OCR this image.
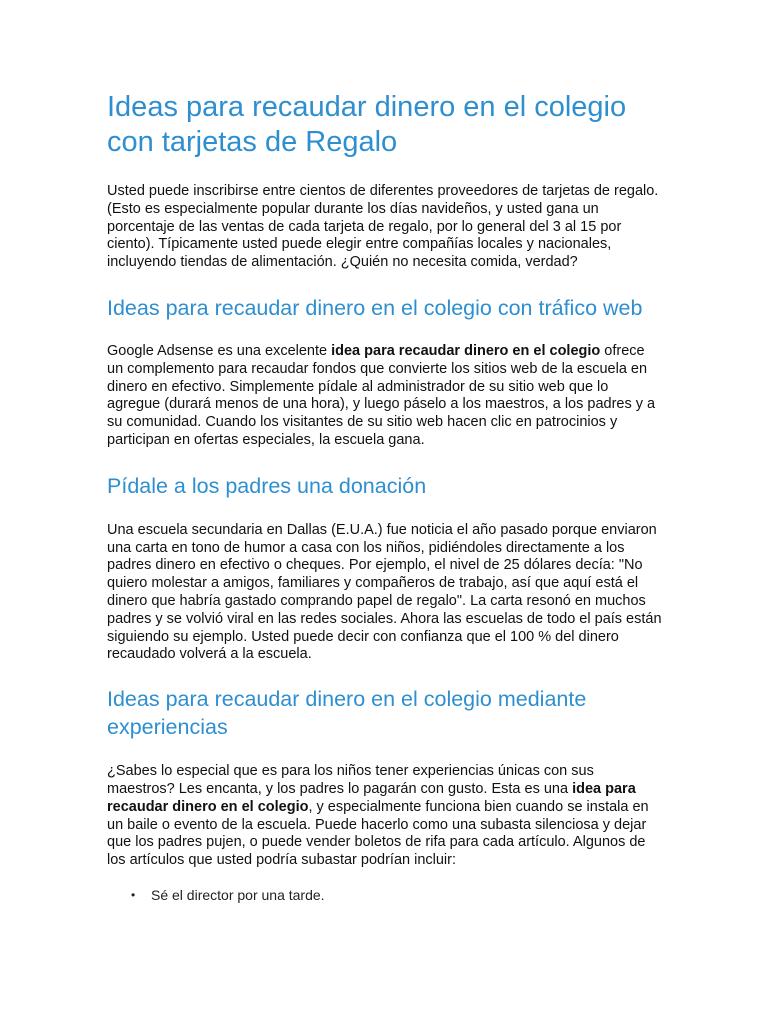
Ideas para recaudar dinero en el colegio con tarjetas de Regalo

Usted puede inscribirse entre cientos de diferentes proveedores de tarjetas de regalo. (Esto es especialmente popular durante los días navideños, y usted gana un porcentaje de las ventas de cada tarjeta de regalo, por lo general del 3 al 15 por ciento). Típicamente usted puede elegir entre compañías locales y nacionales, incluyendo tiendas de alimentación. ¿Quién no necesita comida, verdad?

Ideas para recaudar dinero en el colegio con tráfico web

Google Adsense es una excelente idea para recaudar dinero en el colegio ofrece un complemento para recaudar fondos que convierte los sitios web de la escuela en dinero en efectivo. Simplemente pídale al administrador de su sitio web que lo agregue (durará menos de una hora), y luego páselo a los maestros, a los padres y a su comunidad. Cuando los visitantes de su sitio web hacen clic en patrocinios y participan en ofertas especiales, la escuela gana.

Pídale a los padres una donación

Una escuela secundaria en Dallas (E.U.A.) fue noticia el año pasado porque enviaron una carta en tono de humor a casa con los niños, pidiéndoles directamente a los padres dinero en efectivo o cheques. Por ejemplo, el nivel de 25 dólares decía: "No quiero molestar a amigos, familiares y compañeros de trabajo, así que aquí está el dinero que habría gastado comprando papel de regalo". La carta resonó en muchos padres y se volvió viral en las redes sociales. Ahora las escuelas de todo el país están siguiendo su ejemplo. Usted puede decir con confianza que el 100 % del dinero recaudado volverá a la escuela.

Ideas para recaudar dinero en el colegio mediante experiencias

¿Sabes lo especial que es para los niños tener experiencias únicas con sus maestros? Les encanta, y los padres lo pagarán con gusto. Esta es una idea para recaudar dinero en el colegio, y especialmente funciona bien cuando se instala en un baile o evento de la escuela. Puede hacerlo como una subasta silenciosa y dejar que los padres pujen, o puede vender boletos de rifa para cada artículo. Algunos de los artículos que usted podría subastar podrían incluir:

• Sé el director por una tarde.
